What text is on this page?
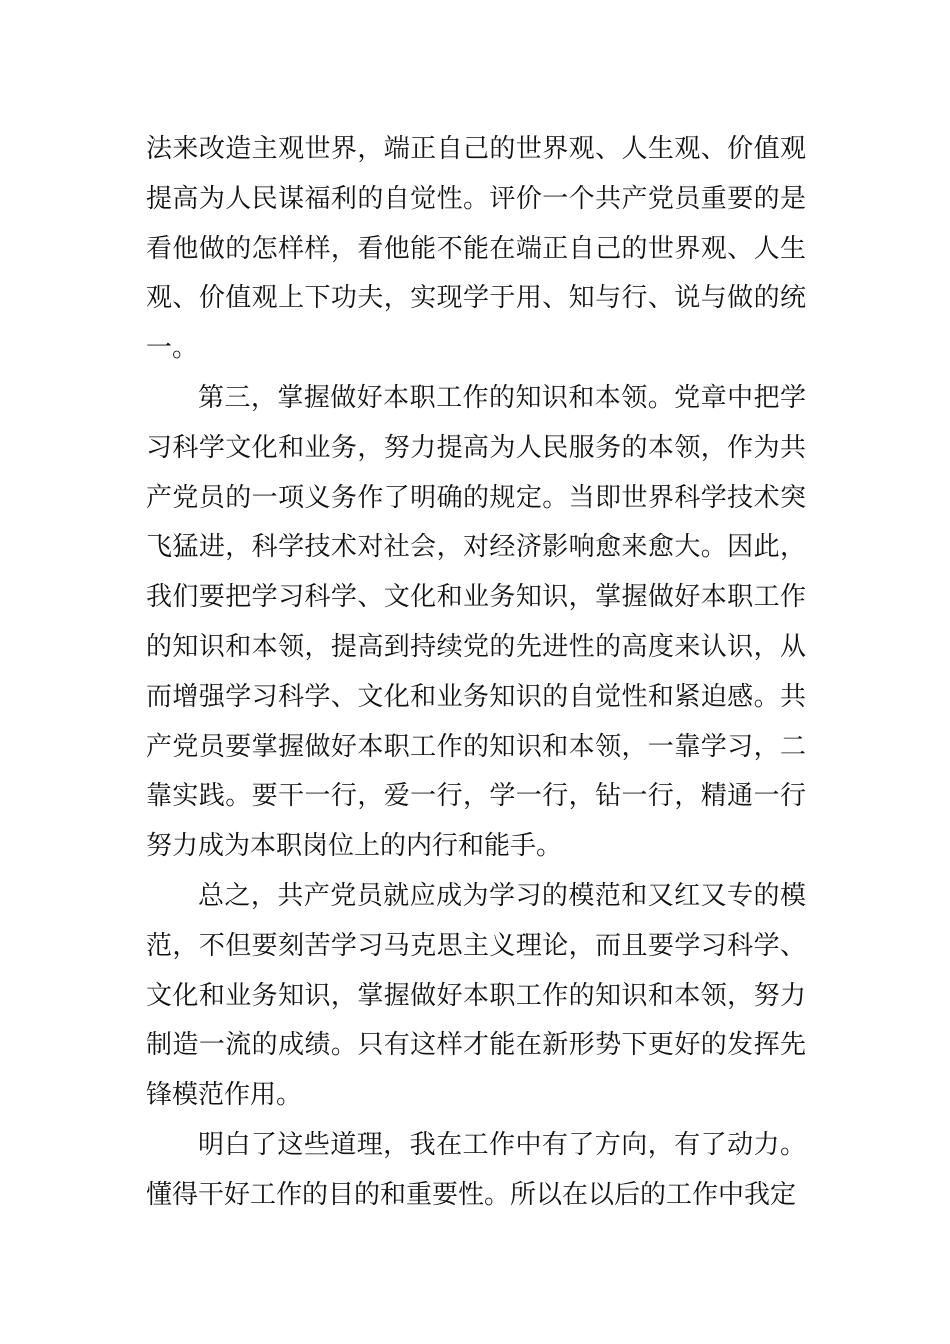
法来改造主观世界，端正自己的世界观、人生观、价值观提高为人民谋福利的自觉性。评价一个共产党员重要的是看他做的怎样样，看他能不能在端正自己的世界观、人生观、价值观上下功夫，实现学于用、知与行、说与做的统一。

第三，掌握做好本职工作的知识和本领。党章中把学习科学文化和业务，努力提高为人民服务的本领，作为共产党员的一项义务作了明确的规定。当即世界科学技术突飞猛进，科学技术对社会，对经济影响愈来愈大。因此，我们要把学习科学、文化和业务知识，掌握做好本职工作的知识和本领，提高到持续党的先进性的高度来认识，从而增强学习科学、文化和业务知识的自觉性和紧迫感。共产党员要掌握做好本职工作的知识和本领，一靠学习，二靠实践。要干一行，爱一行，学一行，钻一行，精通一行努力成为本职岗位上的内行和能手。

总之，共产党员就应成为学习的模范和又红又专的模范，不但要刻苦学习马克思主义理论，而且要学习科学、文化和业务知识，掌握做好本职工作的知识和本领，努力制造一流的成绩。只有这样才能在新形势下更好的发挥先锋模范作用。

明白了这些道理，我在工作中有了方向，有了动力。懂得干好工作的目的和重要性。所以在以后的工作中我定
